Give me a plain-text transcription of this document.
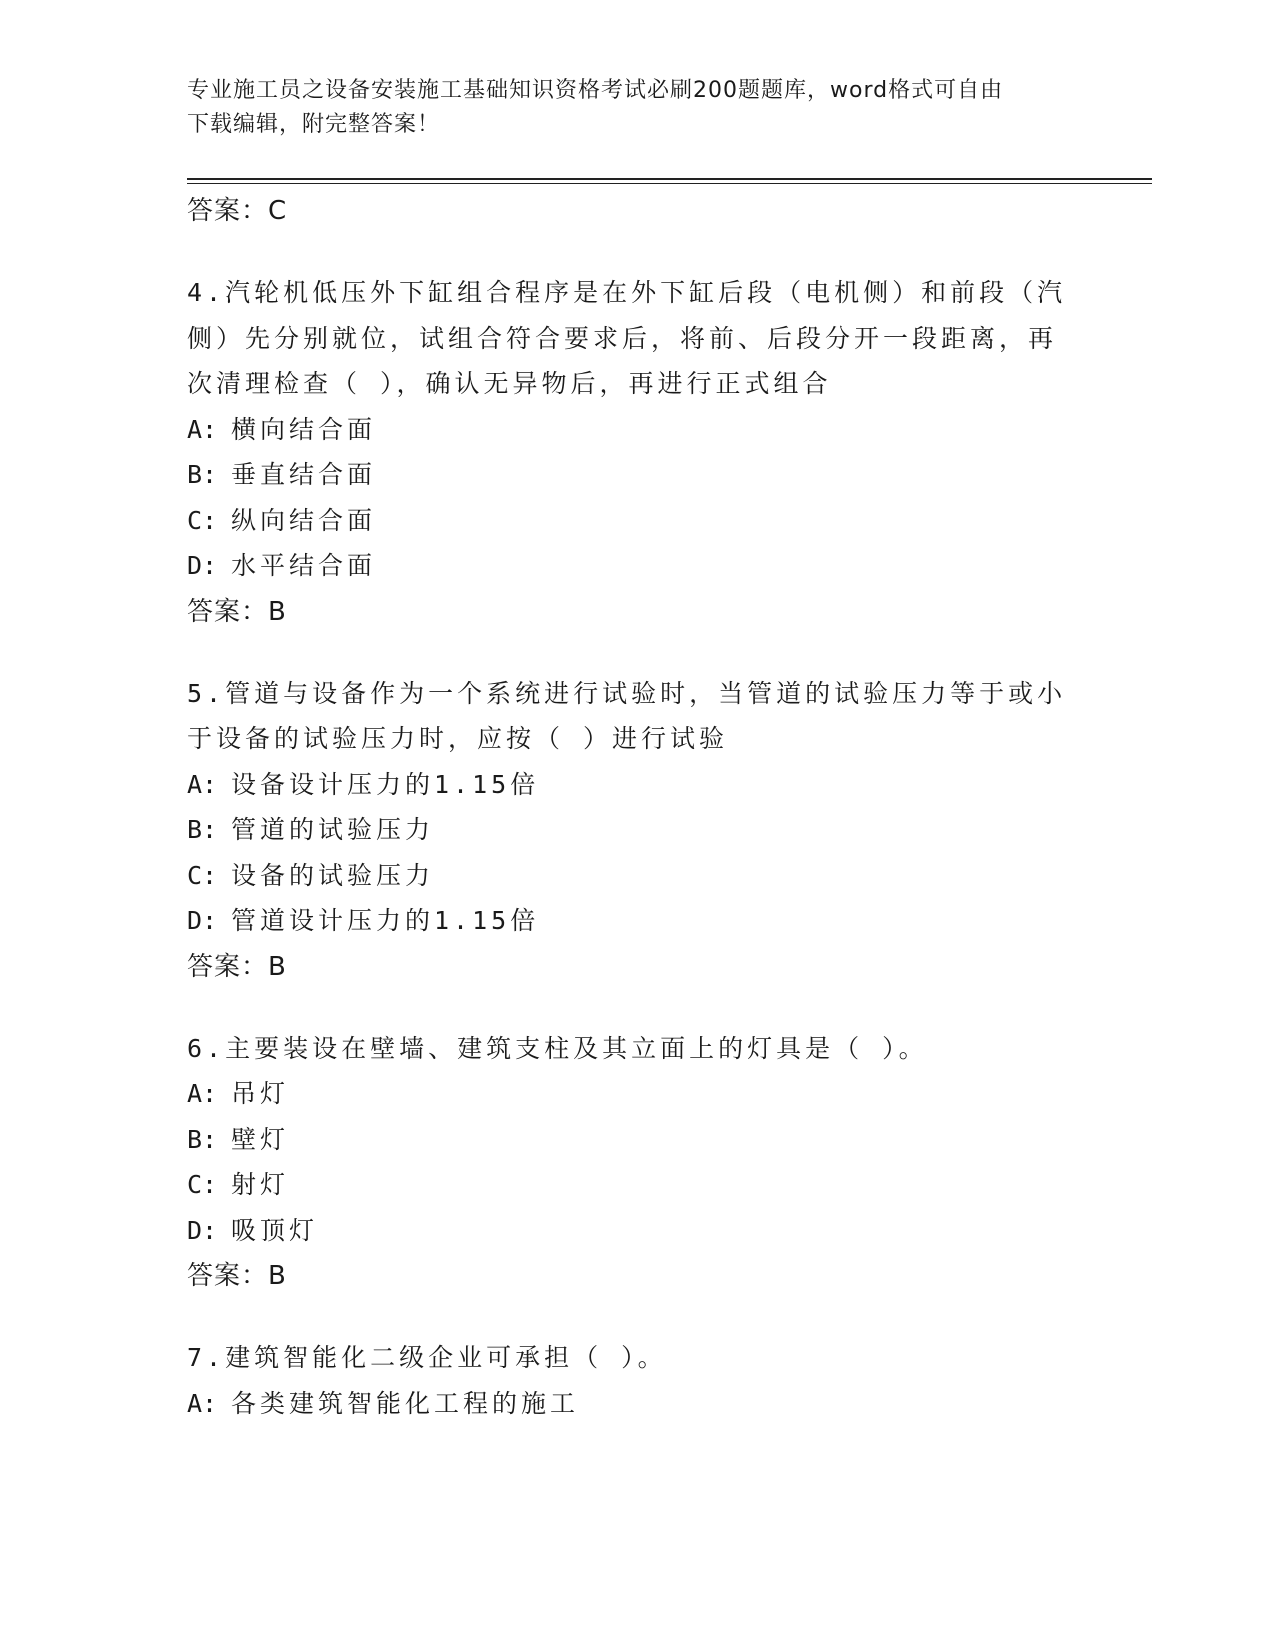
专业施工员之设备安装施工基础知识资格考试必刷200题题库，word格式可自由
下载编辑，附完整答案！
答案：C
4.汽轮机低压外下缸组合程序是在外下缸后段（电机侧）和前段（汽
侧）先分别就位，试组合符合要求后，将前、后段分开一段距离，再
次清理检查（ ），确认无异物后，再进行正式组合
A: 横向结合面
B: 垂直结合面
C: 纵向结合面
D: 水平结合面
答案：B
5.管道与设备作为一个系统进行试验时，当管道的试验压力等于或小
于设备的试验压力时，应按（ ）进行试验
A: 设备设计压力的1.15倍
B: 管道的试验压力
C: 设备的试验压力
D: 管道设计压力的1.15倍
答案：B
6.主要装设在壁墙、建筑支柱及其立面上的灯具是（ ）。
A: 吊灯
B: 壁灯
C: 射灯
D: 吸顶灯
答案：B
7.建筑智能化二级企业可承担（ ）。
A: 各类建筑智能化工程的施工
